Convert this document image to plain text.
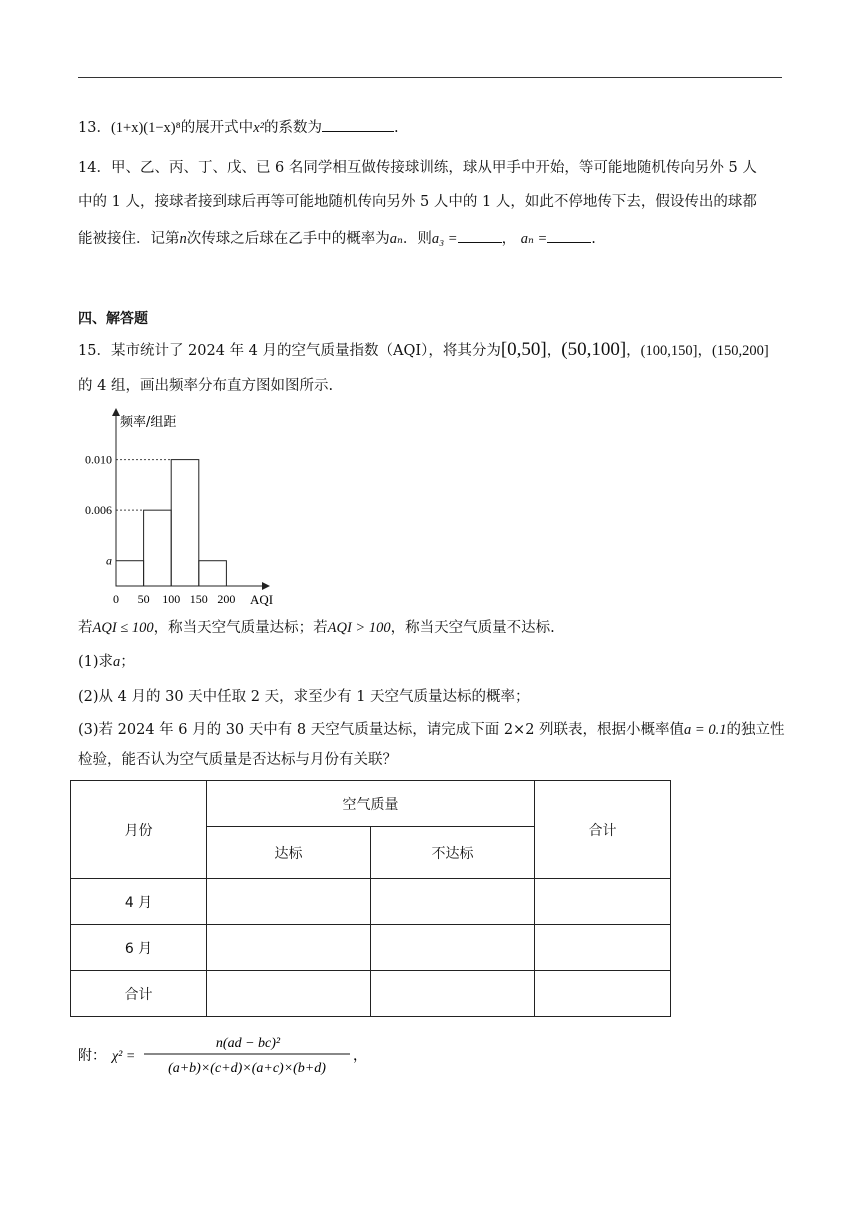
13．(1+x)(1−x)⁸的展开式中x²的系数为	.
14．甲、乙、丙、丁、戊、已 6 名同学相互做传接球训练，球从甲手中开始，等可能地随机传向另外 5 人
中的 1 人，接球者接到球后再等可能地随机传向另外 5 人中的 1 人，如此不停地传下去，假设传出的球都
能被接住．记第n次传球之后球在乙手中的概率为aₙ．则a₃ =	， aₙ =	.
四、解答题
15．某市统计了 2024 年 4 月的空气质量指数（AQI），将其分为[0,50]，(50,100]，(100,150]，(150,200]
的 4 组，画出频率分布直方图如图所示.
频率/组距
AQI
a
0.006
0.010
0 50 100 150 200
若AQI ≤ 100，称当天空气质量达标；若AQI > 100，称当天空气质量不达标.
(1)求a；
(2)从 4 月的 30 天中任取 2 天，求至少有 1 天空气质量达标的概率；
(3)若 2024 年 6 月的 30 天中有 8 天空气质量达标，请完成下面 2×2 列联表，根据小概率值a = 0.1的独立性
检验，能否认为空气质量是否达标与月份有关联？
月份	空气质量		合计
	达标	不达标	
4 月			
6 月			
合计			
附： χ² =
n(ad − bc)²
(a+b)×(c+d)×(a+c)×(b+d)
，
